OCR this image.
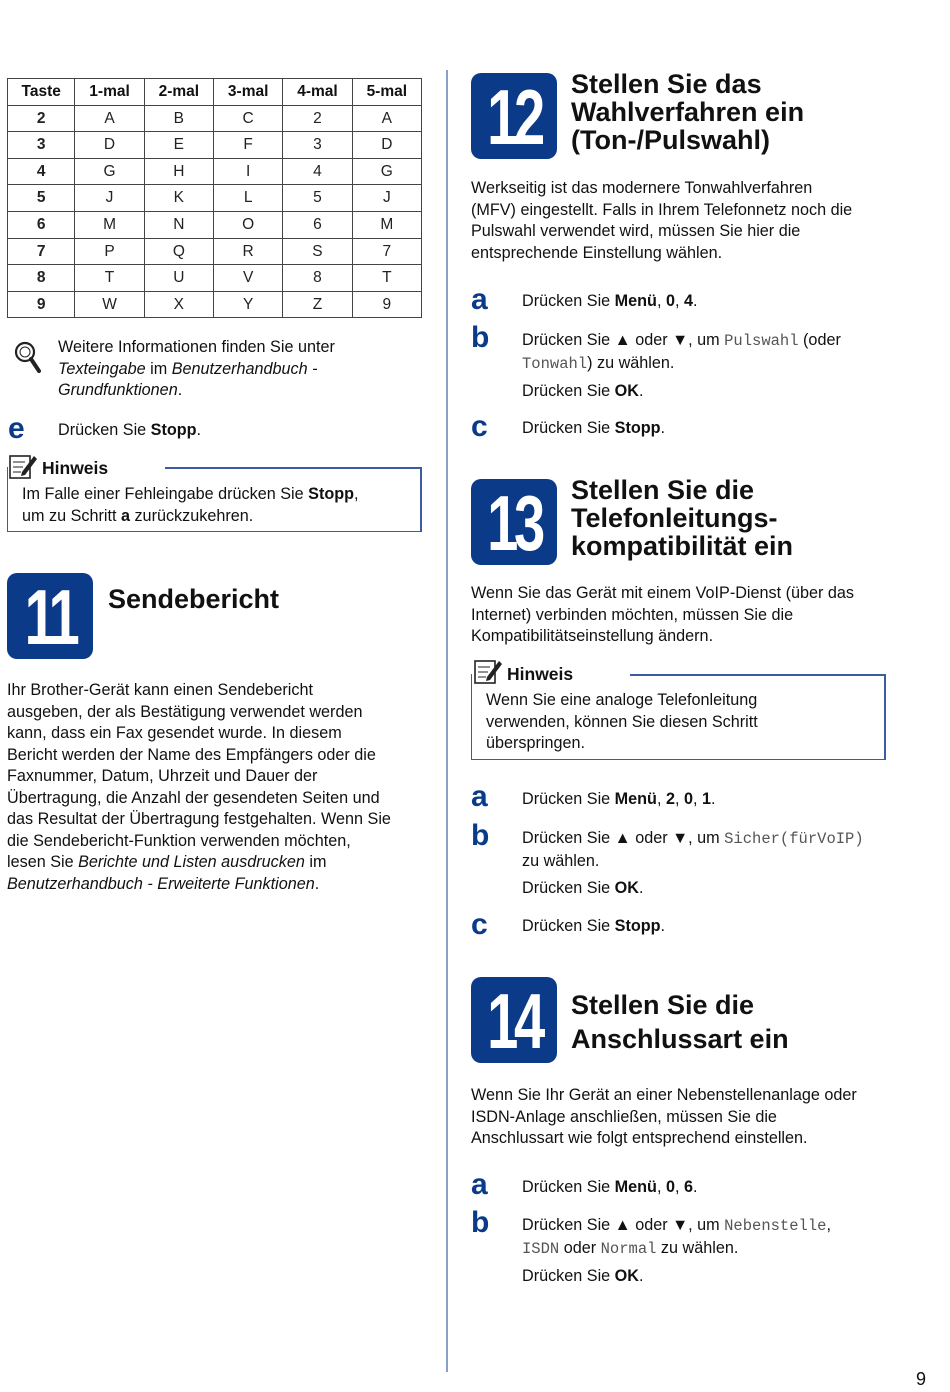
Taste	1-mal	2-mal	3-mal	4-mal	5-mal
2	A	B	C	2	A
3	D	E	F	3	D
4	G	H	I	4	G
5	J	K	L	5	J
6	M	N	O	6	M
7	P	Q	R	S	7
8	T	U	V	8	T
9	W	X	Y	Z	9
Weitere Informationen finden Sie unter
Texteingabe im Benutzerhandbuch -
Grundfunktionen.
e Drücken Sie Stopp.
Hinweis
Im Falle einer Fehleingabe drücken Sie Stopp,
um zu Schritt a zurückzukehren.
11 Sendebericht
Ihr Brother-Gerät kann einen Sendebericht
ausgeben, der als Bestätigung verwendet werden
kann, dass ein Fax gesendet wurde. In diesem
Bericht werden der Name des Empfängers oder die
Faxnummer, Datum, Uhrzeit und Dauer der
Übertragung, die Anzahl der gesendeten Seiten und
das Resultat der Übertragung festgehalten. Wenn Sie
die Sendebericht-Funktion verwenden möchten,
lesen Sie Berichte und Listen ausdrucken im
Benutzerhandbuch - Erweiterte Funktionen.
12 Stellen Sie das
Wahlverfahren ein
(Ton-/Pulswahl)
Werkseitig ist das modernere Tonwahlverfahren
(MFV) eingestellt. Falls in Ihrem Telefonnetz noch die
Pulswahl verwendet wird, müssen Sie hier die
entsprechende Einstellung wählen.
a Drücken Sie Menü, 0, 4.
b Drücken Sie ▲ oder ▼, um Pulswahl (oder
Tonwahl) zu wählen.
Drücken Sie OK.
c Drücken Sie Stopp.
13 Stellen Sie die
Telefonleitungs-
kompatibilität ein
Wenn Sie das Gerät mit einem VoIP-Dienst (über das
Internet) verbinden möchten, müssen Sie die
Kompatibilitätseinstellung ändern.
Hinweis
Wenn Sie eine analoge Telefonleitung
verwenden, können Sie diesen Schritt
überspringen.
a Drücken Sie Menü, 2, 0, 1.
b Drücken Sie ▲ oder ▼, um Sicher(fürVoIP)
zu wählen.
Drücken Sie OK.
c Drücken Sie Stopp.
14 Stellen Sie die
Anschlussart ein
Wenn Sie Ihr Gerät an einer Nebenstellenanlage oder
ISDN-Anlage anschließen, müssen Sie die
Anschlussart wie folgt entsprechend einstellen.
a Drücken Sie Menü, 0, 6.
b Drücken Sie ▲ oder ▼, um Nebenstelle,
ISDN oder Normal zu wählen.
Drücken Sie OK.
9
